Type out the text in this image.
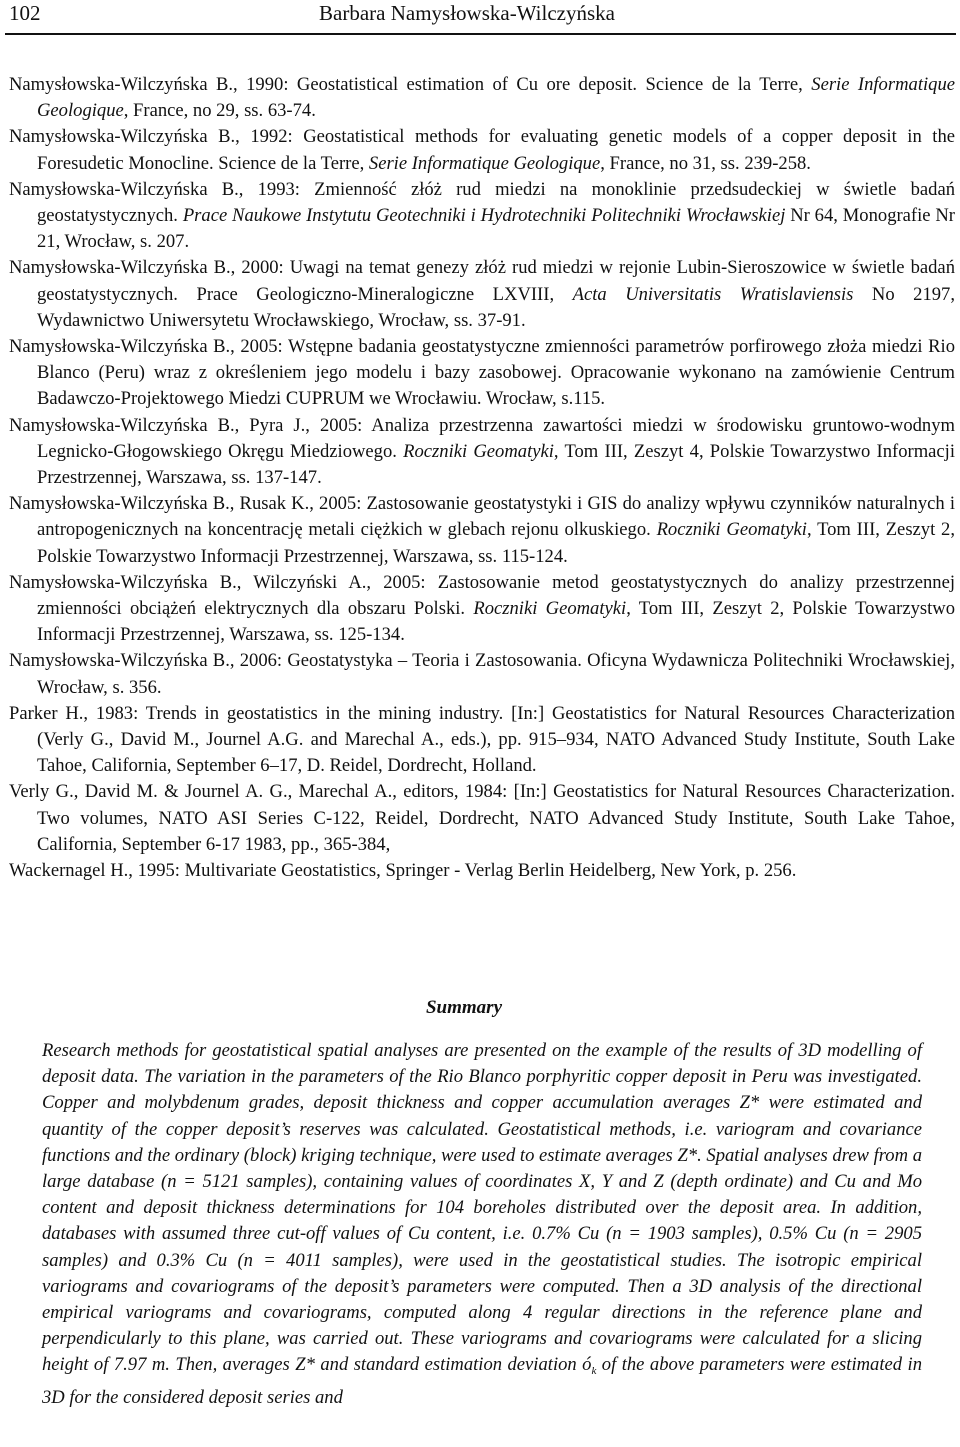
102	Barbara Namysłowska-Wilczyńska

Namysłowska-Wilczyńska B., 1990: Geostatistical estimation of Cu ore deposit. Science de la Terre, Serie Informatique Geologique, France, no 29, ss. 63-74.

Namysłowska-Wilczyńska B., 1992: Geostatistical methods for evaluating genetic models of a copper deposit in the Foresudetic Monocline. Science de la Terre, Serie Informatique Geologique, France, no 31, ss. 239-258.

Namysłowska-Wilczyńska B., 1993: Zmienność złóż rud miedzi na monoklinie przedsudeckiej w świetle badań geostatystycznych. Prace Naukowe Instytutu Geotechniki i Hydrotechniki Politechniki Wrocławskiej Nr 64, Monografie Nr 21, Wrocław, s. 207.

Namysłowska-Wilczyńska B., 2000: Uwagi na temat genezy złóż rud miedzi w rejonie Lubin-Sieroszowice w świetle badań geostatystycznych. Prace Geologiczno-Mineralogiczne LXVIII, Acta Universitatis Wratislaviensis No 2197, Wydawnictwo Uniwersytetu Wrocławskiego, Wrocław, ss. 37-91.

Namysłowska-Wilczyńska B., 2005: Wstępne badania geostatystyczne zmienności parametrów porfirowego złoża miedzi Rio Blanco (Peru) wraz z określeniem jego modelu i bazy zasobowej. Opracowanie wykonano na zamówienie Centrum Badawczo-Projektowego Miedzi CUPRUM we Wrocławiu. Wrocław, s.115.

Namysłowska-Wilczyńska B., Pyra J., 2005: Analiza przestrzenna zawartości miedzi w środowisku gruntowo-wodnym Legnicko-Głogowskiego Okręgu Miedziowego. Roczniki Geomatyki, Tom III, Zeszyt 4, Polskie Towarzystwo Informacji Przestrzennej, Warszawa, ss. 137-147.

Namysłowska-Wilczyńska B., Rusak K., 2005: Zastosowanie geostatystyki i GIS do analizy wpływu czynników naturalnych i antropogenicznych na koncentrację metali ciężkich w glebach rejonu olkuskiego. Roczniki Geomatyki, Tom III, Zeszyt 2, Polskie Towarzystwo Informacji Przestrzennej, Warszawa, ss. 115-124.

Namysłowska-Wilczyńska B., Wilczyński A., 2005: Zastosowanie metod geostatystycznych do analizy przestrzennej zmienności obciążeń elektrycznych dla obszaru Polski. Roczniki Geomatyki, Tom III, Zeszyt 2, Polskie Towarzystwo Informacji Przestrzennej, Warszawa, ss. 125-134.

Namysłowska-Wilczyńska B., 2006: Geostatystyka – Teoria i Zastosowania. Oficyna Wydawnicza Politechniki Wrocławskiej, Wrocław, s. 356.

Parker H., 1983: Trends in geostatistics in the mining industry. [In:] Geostatistics for Natural Resources Characterization (Verly G., David M., Journel A.G. and Marechal A., eds.), pp. 915–934, NATO Advanced Study Institute, South Lake Tahoe, California, September 6–17, D. Reidel, Dordrecht, Holland.

Verly G., David M. & Journel A. G., Marechal A., editors, 1984: [In:] Geostatistics for Natural Resources Characterization. Two volumes, NATO ASI Series C-122, Reidel, Dordrecht, NATO Advanced Study Institute, South Lake Tahoe, California, September 6-17 1983, pp., 365-384,

Wackernagel H., 1995: Multivariate Geostatistics, Springer - Verlag Berlin Heidelberg, New York, p. 256.

Summary

Research methods for geostatistical spatial analyses are presented on the example of the results of 3D modelling of deposit data. The variation in the parameters of the Rio Blanco porphyritic copper deposit in Peru was investigated. Copper and molybdenum grades, deposit thickness and copper accumulation averages Z* were estimated and quantity of the copper deposit’s reserves was calculated. Geostatistical methods, i.e. variogram and covariance functions and the ordinary (block) kriging technique, were used to estimate averages Z*. Spatial analyses drew from a large database (n = 5121 samples), containing values of coordinates X, Y and Z (depth ordinate) and Cu and Mo content and deposit thickness determinations for 104 boreholes distributed over the deposit area. In addition, databases with assumed three cut-off values of Cu content, i.e. 0.7% Cu (n = 1903 samples), 0.5% Cu (n = 2905 samples) and 0.3% Cu (n = 4011 samples), were used in the geostatistical studies. The isotropic empirical variograms and covariograms of the deposit’s parameters were computed. Then a 3D analysis of the directional empirical variograms and covariograms, computed along 4 regular directions in the reference plane and perpendicularly to this plane, was carried out. These variograms and covariograms were calculated for a slicing height of 7.97 m. Then, averages Z* and standard estimation deviation $ó_k$ of the above parameters were estimated in 3D for the considered deposit series and
